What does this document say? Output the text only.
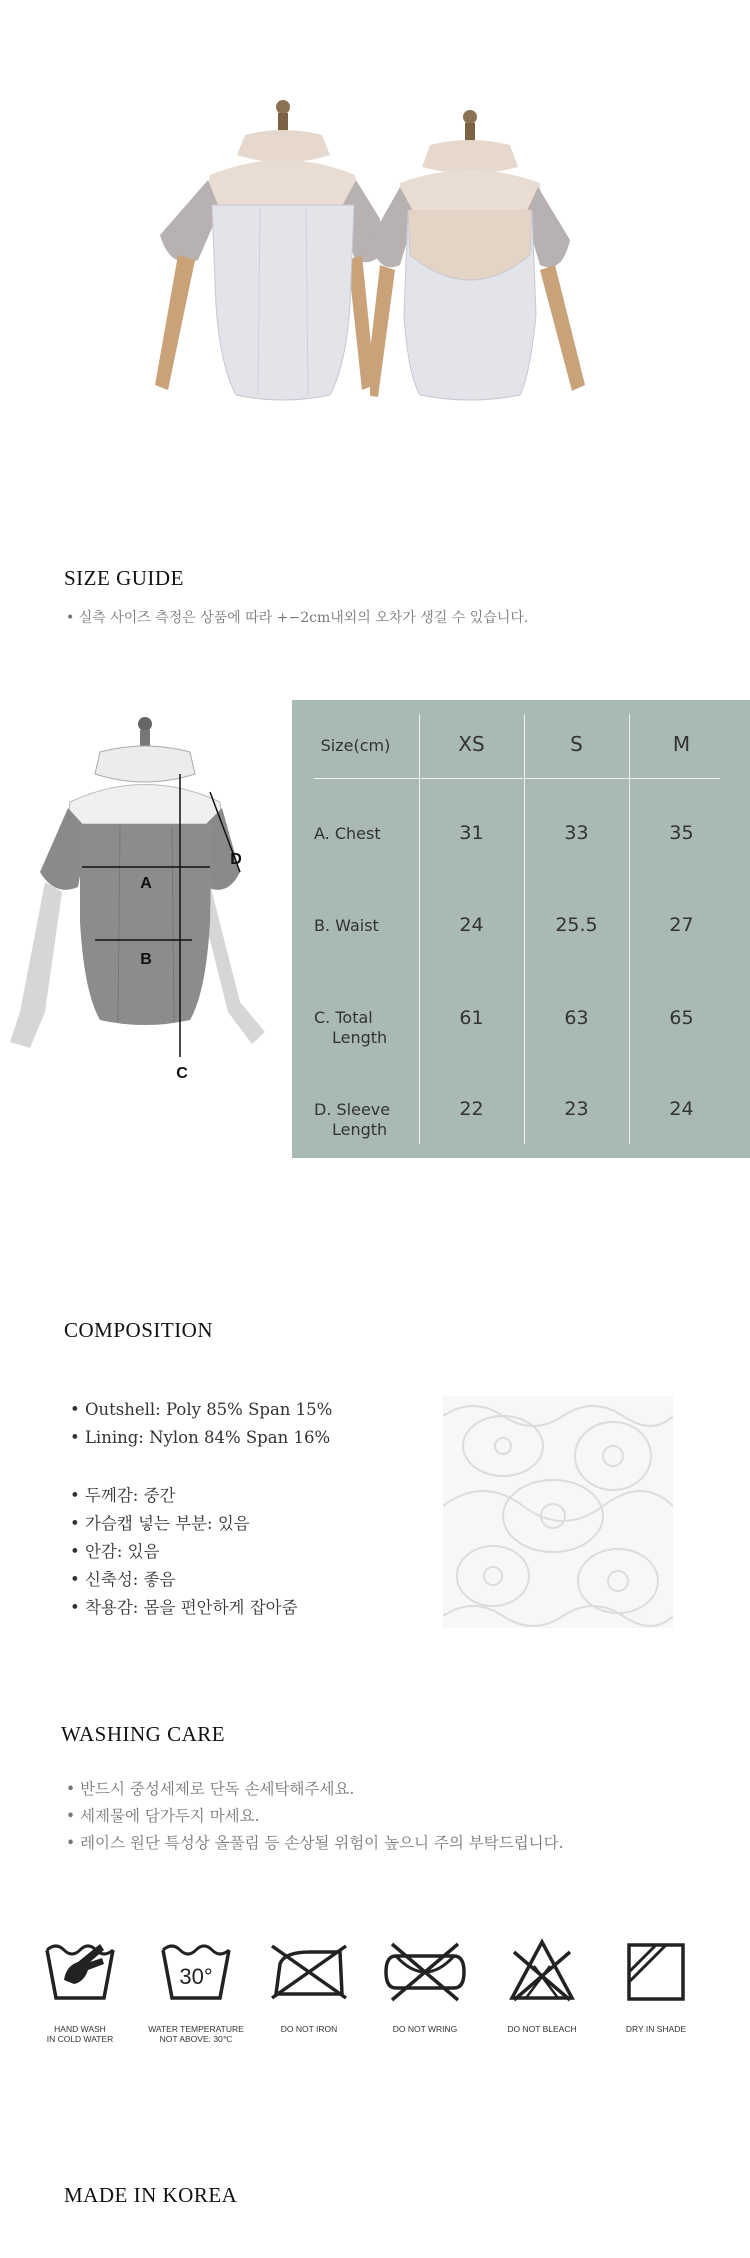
SIZE GUIDE
• 실측 사이즈 측정은 상품에 따라 +−2cm내외의 오차가 생길 수 있습니다.
A
B
C
D
Size(cm)	XS	S	M
A. Chest	31	33	35
B. Waist	24	25.5	27
C. Total
Length
61	63	65
D. Sleeve
Length
22	23	24
COMPOSITION
• Outshell: Poly 85% Span 15%
• Lining: Nylon 84% Span 16%
• 두께감: 중간
• 가슴캡 넣는 부분: 있음
• 안감: 있음
• 신축성: 좋음
• 착용감: 몸을 편안하게 잡아줌
WASHING CARE
• 반드시 중성세제로 단독 손세탁해주세요.
• 세제물에 담가두지 마세요.
• 레이스 원단 특성상 올풀림 등 손상될 위험이 높으니 주의 부탁드립니다.
30°
HAND WASH
IN COLD WATER
WATER TEMPERATURE
NOT ABOVE: 30℃
DO NOT IRON	DO NOT WRING	DO NOT BLEACH	DRY IN SHADE
MADE IN KOREA
